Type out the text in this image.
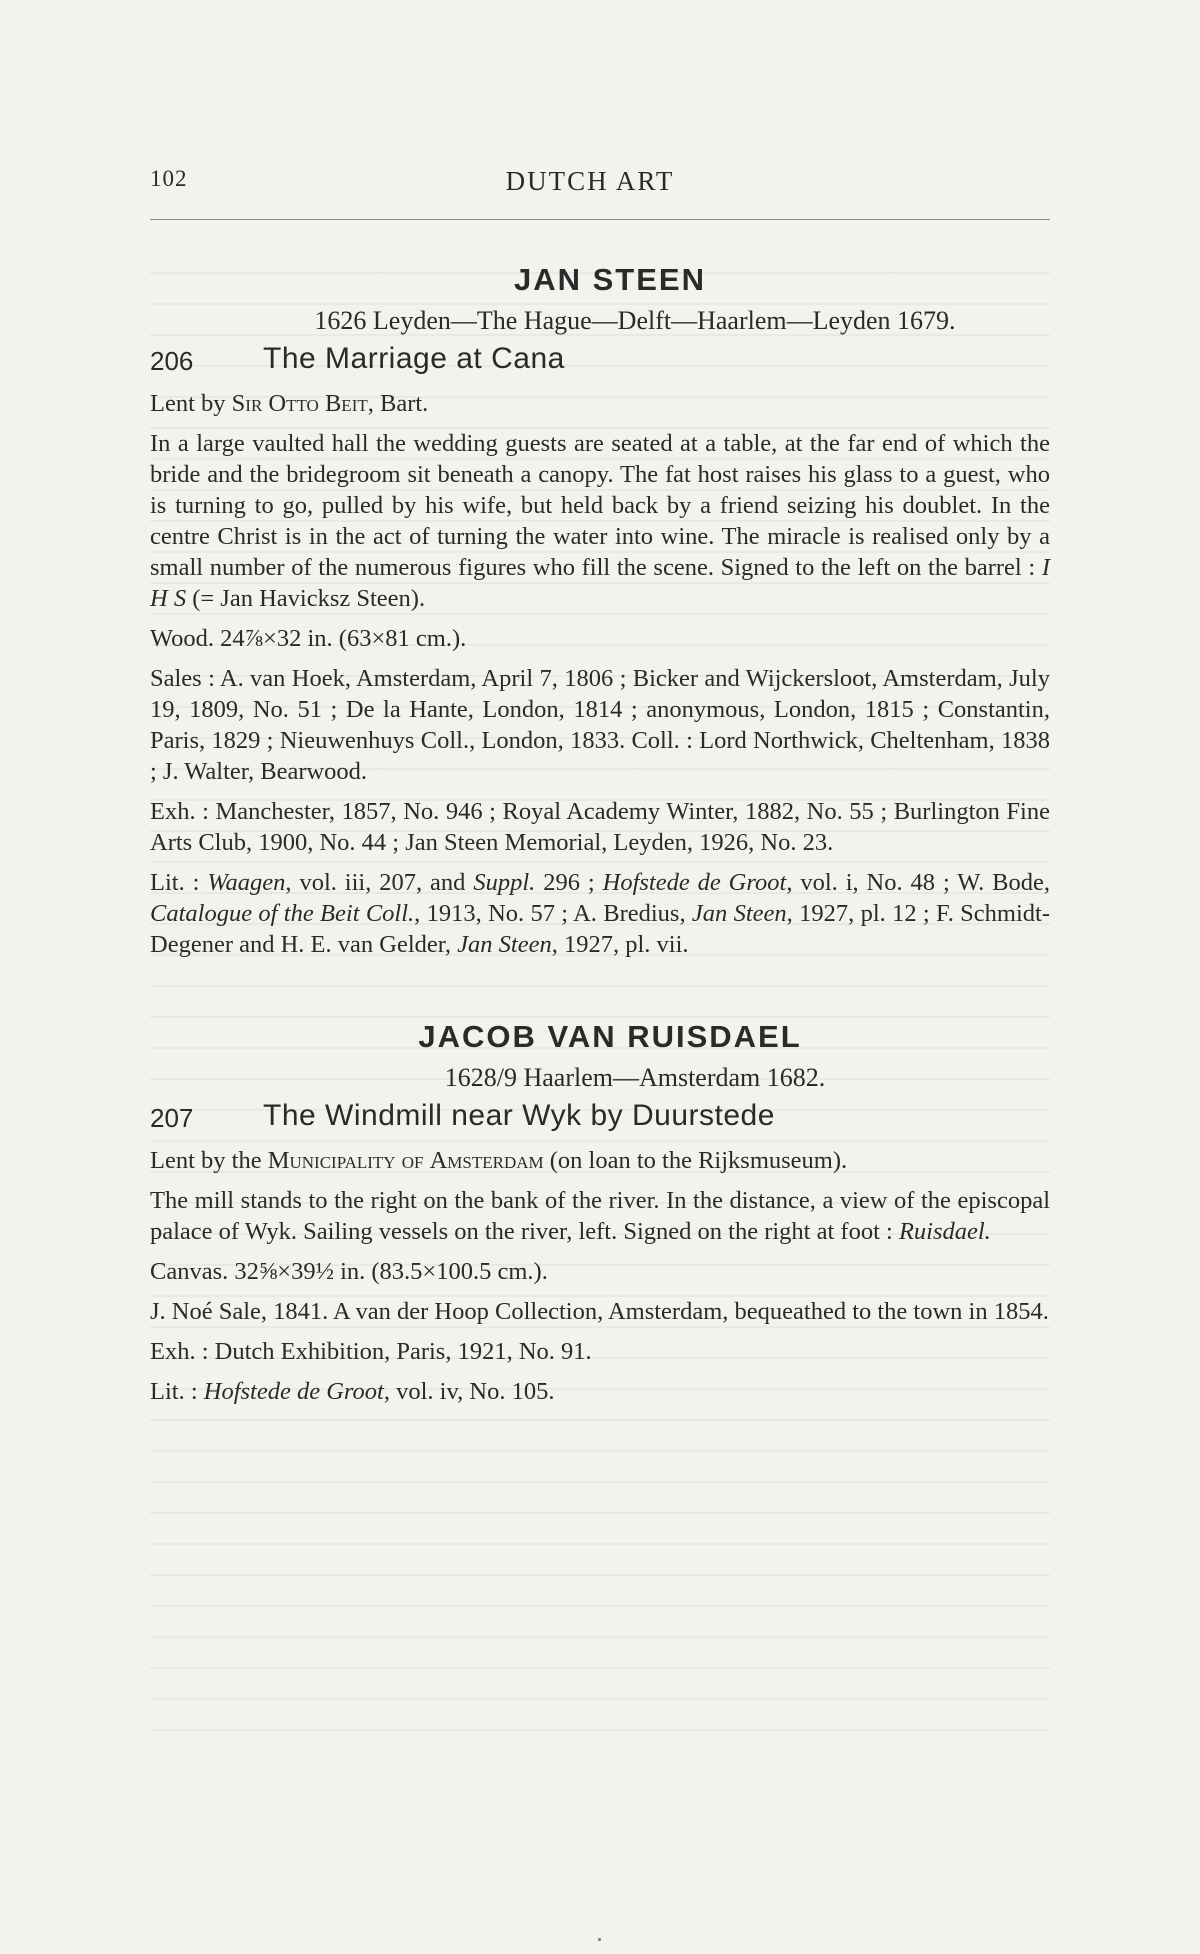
102	DUTCH ART
JAN STEEN
1626 Leyden—The Hague—Delft—Haarlem—Leyden 1679.
206 The Marriage at Cana

Lent by Sir Otto Beit, Bart.

In a large vaulted hall the wedding guests are seated at a table, at the far end of which the bride and the bridegroom sit beneath a canopy. The fat host raises his glass to a guest, who is turning to go, pulled by his wife, but held back by a friend seizing his doublet. In the centre Christ is in the act of turning the water into wine. The miracle is realised only by a small number of the numerous figures who fill the scene. Signed to the left on the barrel : I H S (= Jan Havicksz Steen).

Wood. 24⅞×32 in. (63×81 cm.).

Sales : A. van Hoek, Amsterdam, April 7, 1806 ; Bicker and Wijckersloot, Amsterdam, July 19, 1809, No. 51 ; De la Hante, London, 1814 ; anonymous, London, 1815 ; Constantin, Paris, 1829 ; Nieuwenhuys Coll., London, 1833. Coll. : Lord Northwick, Cheltenham, 1838 ; J. Walter, Bearwood.

Exh. : Manchester, 1857, No. 946 ; Royal Academy Winter, 1882, No. 55 ; Burlington Fine Arts Club, 1900, No. 44 ; Jan Steen Memorial, Leyden, 1926, No. 23.

Lit. : Waagen, vol. iii, 207, and Suppl. 296 ; Hofstede de Groot, vol. i, No. 48 ; W. Bode, Catalogue of the Beit Coll., 1913, No. 57 ; A. Bredius, Jan Steen, 1927, pl. 12 ; F. Schmidt-Degener and H. E. van Gelder, Jan Steen, 1927, pl. vii.

JACOB VAN RUISDAEL
1628/9 Haarlem—Amsterdam 1682.
207 The Windmill near Wyk by Duurstede

Lent by the Municipality of Amsterdam (on loan to the Rijksmuseum).

The mill stands to the right on the bank of the river. In the distance, a view of the episcopal palace of Wyk. Sailing vessels on the river, left. Signed on the right at foot : Ruisdael.

Canvas. 32⅝×39½ in. (83.5×100.5 cm.).

J. Noé Sale, 1841. A van der Hoop Collection, Amsterdam, bequeathed to the town in 1854.

Exh. : Dutch Exhibition, Paris, 1921, No. 91.

Lit. : Hofstede de Groot, vol. iv, No. 105.
